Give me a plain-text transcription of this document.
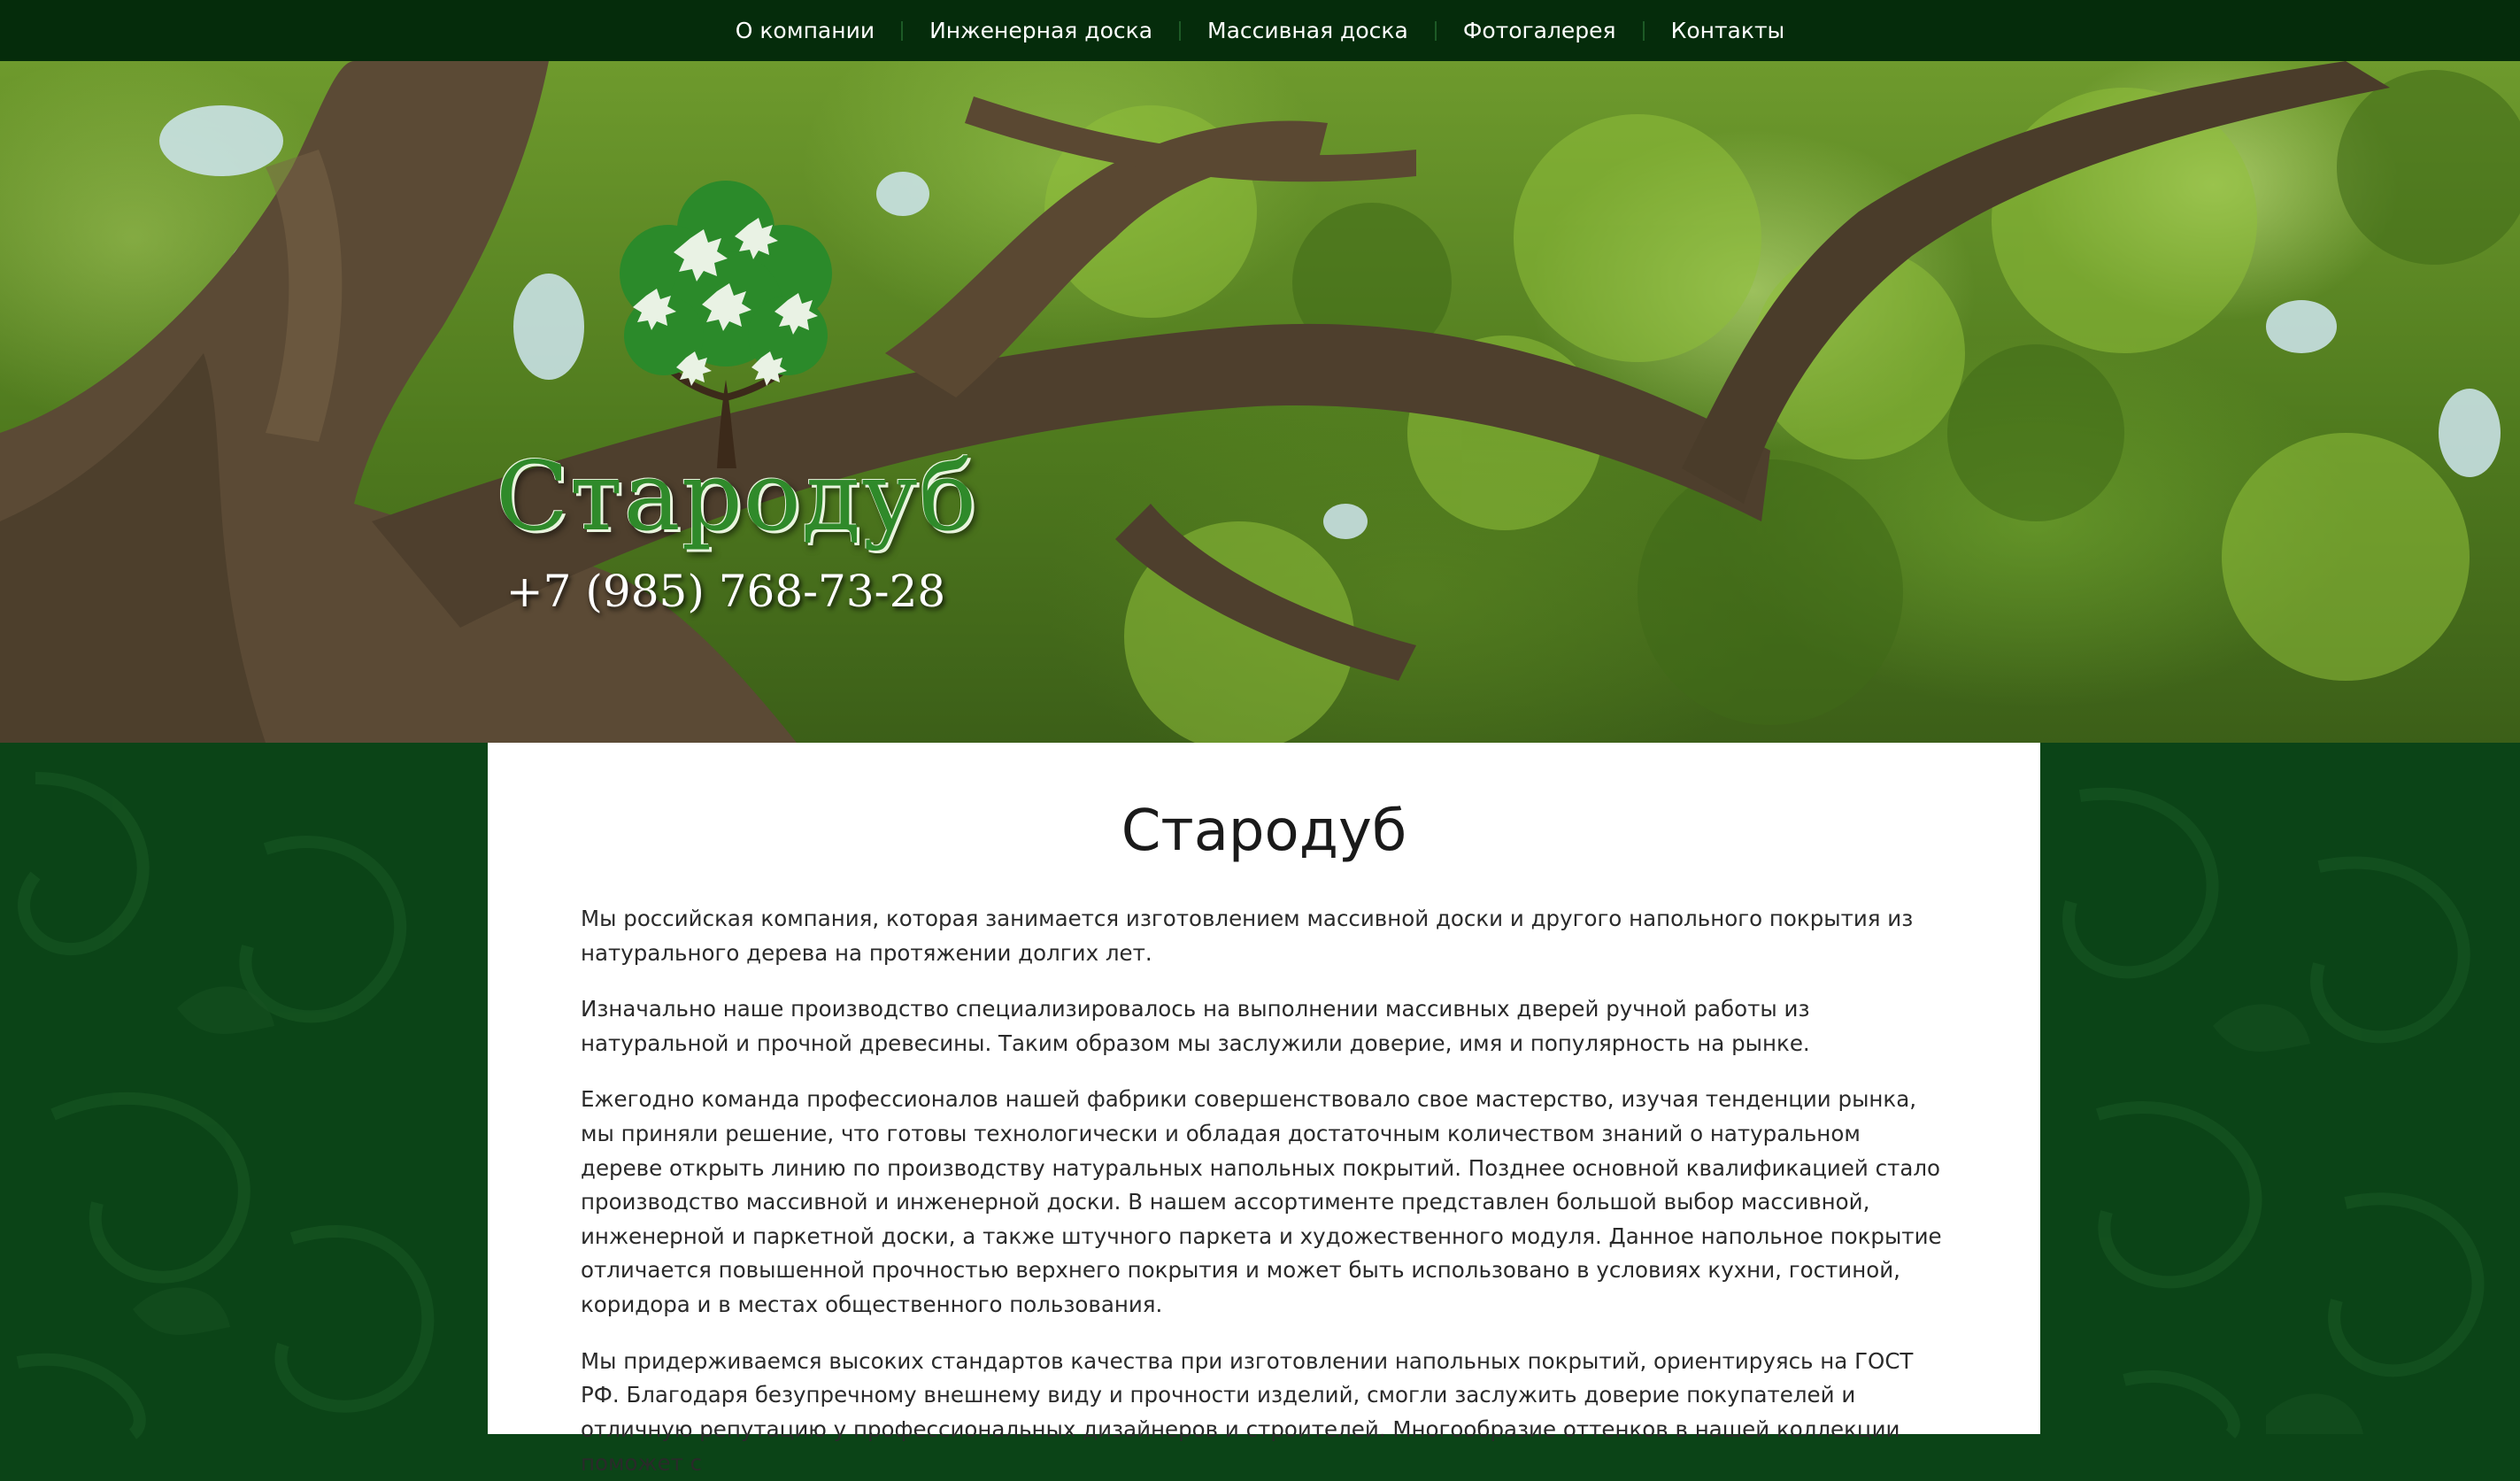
О компании Инженерная доска Массивная доска Фотогалерея Контакты
Стародуб
+7 (985) 768-73-28
Стародуб

Мы российская компания, которая занимается изготовлением массивной доски и другого напольного покрытия из натурального дерева на протяжении долгих лет.

Изначально наше производство специализировалось на выполнении массивных дверей ручной работы из натуральной и прочной древесины. Таким образом мы заслужили доверие, имя и популярность на рынке.

Ежегодно команда профессионалов нашей фабрики совершенствовало свое мастерство, изучая тенденции рынка, мы приняли решение, что готовы технологически и обладая достаточным количеством знаний о натуральном дереве открыть линию по производству натуральных напольных покрытий. Позднее основной квалификацией стало производство массивной и инженерной доски. В нашем ассортименте представлен большой выбор массивной, инженерной и паркетной доски, а также штучного паркета и художественного модуля. Данное напольное покрытие отличается повышенной прочностью верхнего покрытия и может быть использовано в условиях кухни, гостиной, коридора и в местах общественного пользования.

Мы придерживаемся высоких стандартов качества при изготовлении напольных покрытий, ориентируясь на ГОСТ РФ. Благодаря безупречному внешнему виду и прочности изделий, смогли заслужить доверие покупателей и отличную репутацию у профессиональных дизайнеров и строителей. Многообразие оттенков в нашей коллекции поможет с
